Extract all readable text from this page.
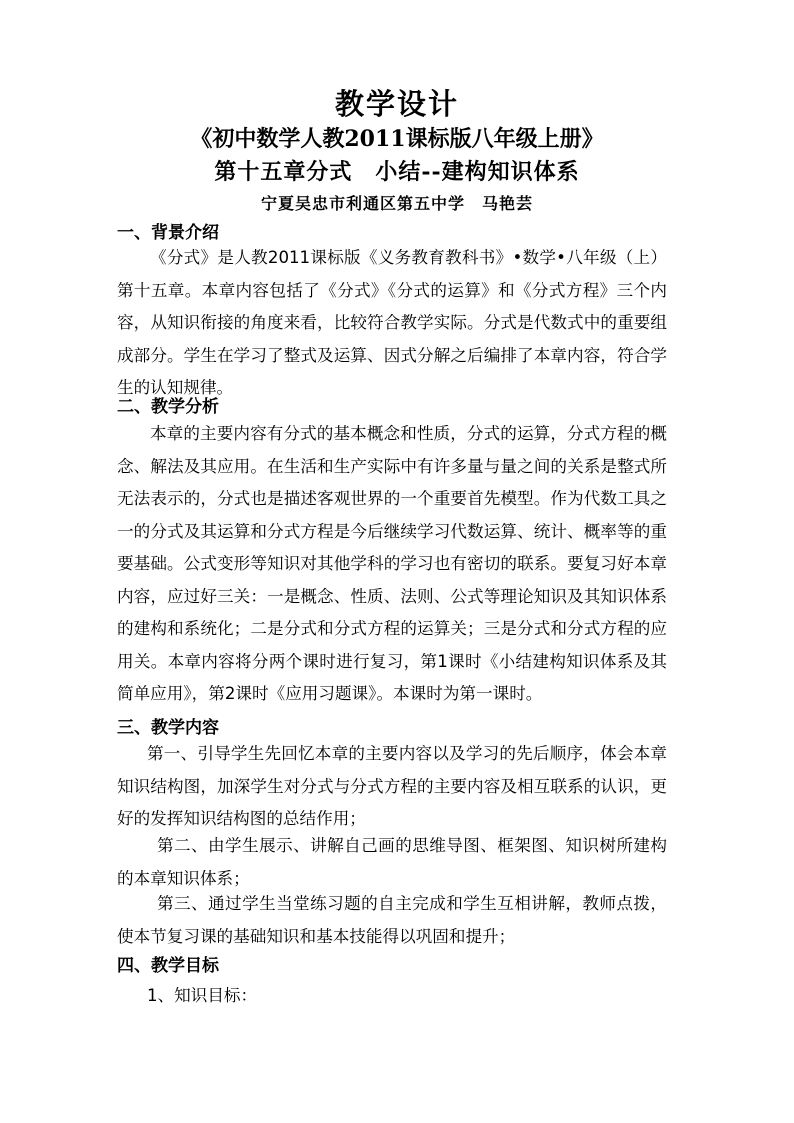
教学设计
《初中数学人教2011课标版八年级上册》
第十五章分式　小结--建构知识体系
宁夏吴忠市利通区第五中学　马艳芸
一、背景介绍

《分式》是人教2011课标版《义务教育教科书》•数学•八年级（上）第十五章。本章内容包括了《分式》《分式的运算》和《分式方程》三个内容，从知识衔接的角度来看，比较符合教学实际。分式是代数式中的重要组成部分。学生在学习了整式及运算、因式分解之后编排了本章内容，符合学生的认知规律。

二、教学分析

本章的主要内容有分式的基本概念和性质，分式的运算，分式方程的概念、解法及其应用。在生活和生产实际中有许多量与量之间的关系是整式所无法表示的，分式也是描述客观世界的一个重要首先模型。作为代数工具之一的分式及其运算和分式方程是今后继续学习代数运算、统计、概率等的重要基础。公式变形等知识对其他学科的学习也有密切的联系。要复习好本章内容，应过好三关：一是概念、性质、法则、公式等理论知识及其知识体系的建构和系统化；二是分式和分式方程的运算关；三是分式和分式方程的应用关。本章内容将分两个课时进行复习，第1课时《小结建构知识体系及其简单应用》，第2课时《应用习题课》。本课时为第一课时。

三、教学内容

第一、引导学生先回忆本章的主要内容以及学习的先后顺序，体会本章知识结构图，加深学生对分式与分式方程的主要内容及相互联系的认识，更好的发挥知识结构图的总结作用；

第二、由学生展示、讲解自己画的思维导图、框架图、知识树所建构的本章知识体系；

第三、通过学生当堂练习题的自主完成和学生互相讲解，教师点拨，使本节复习课的基础知识和基本技能得以巩固和提升；

四、教学目标

1、知识目标：
